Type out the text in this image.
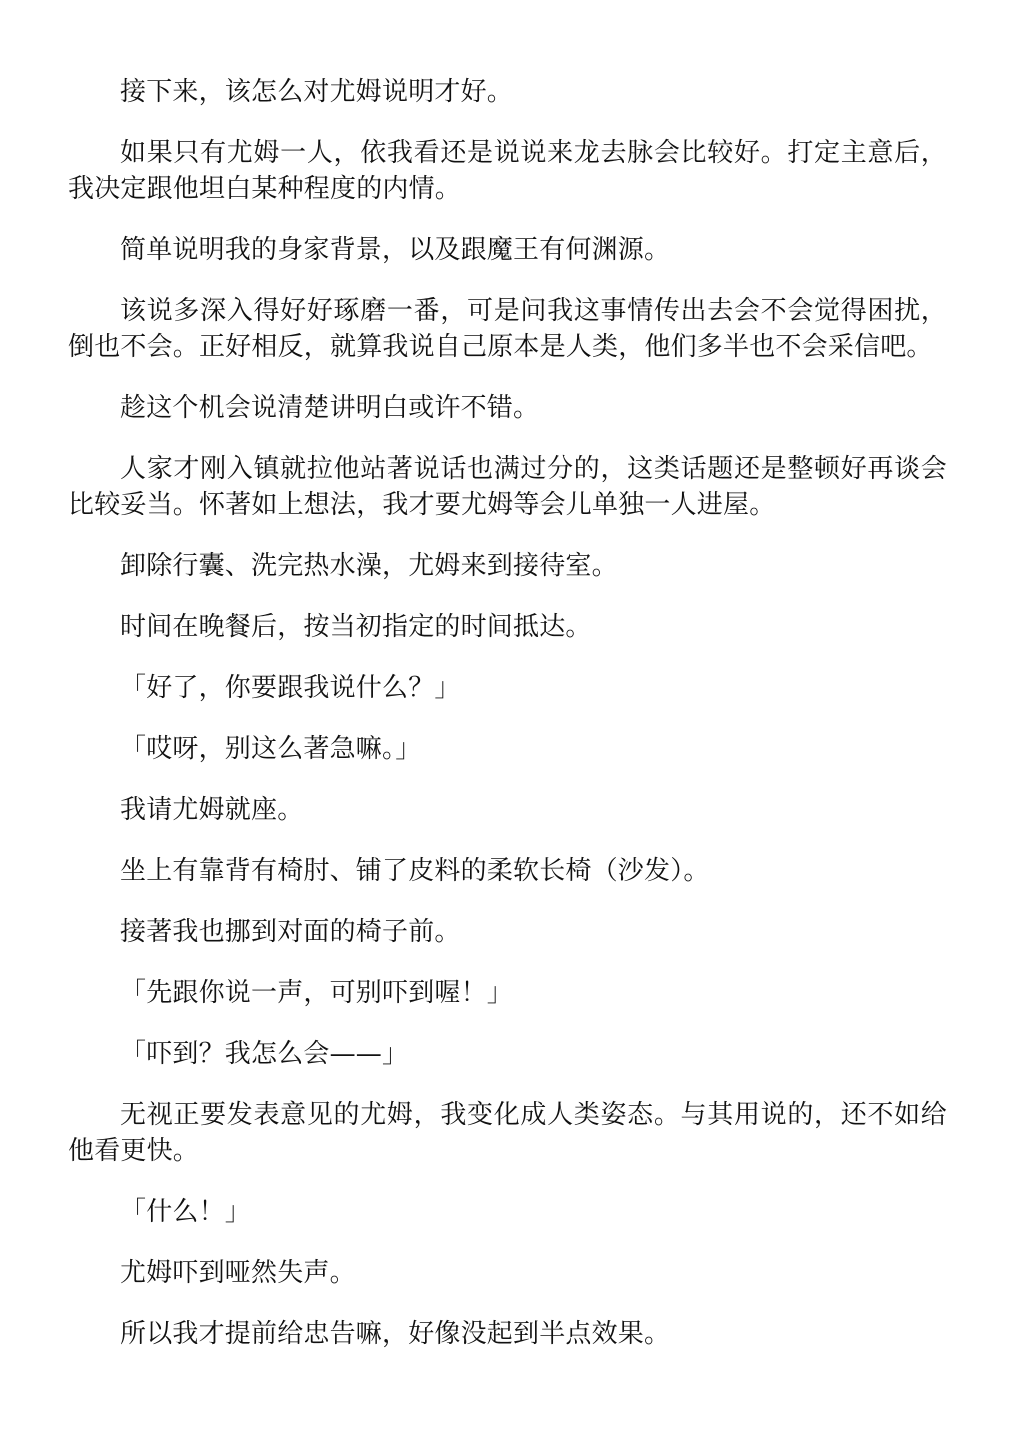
接下来，该怎么对尤姆说明才好。

如果只有尤姆一人，依我看还是说说来龙去脉会比较好。打定主意后，我决定跟他坦白某种程度的内情。

简单说明我的身家背景，以及跟魔王有何渊源。

该说多深入得好好琢磨一番，可是问我这事情传出去会不会觉得困扰，倒也不会。正好相反，就算我说自己原本是人类，他们多半也不会采信吧。

趁这个机会说清楚讲明白或许不错。

人家才刚入镇就拉他站著说话也满过分的，这类话题还是整顿好再谈会比较妥当。怀著如上想法，我才要尤姆等会儿单独一人进屋。

卸除行囊、洗完热水澡，尤姆来到接待室。

时间在晚餐后，按当初指定的时间抵达。

「好了，你要跟我说什么？」

「哎呀，别这么著急嘛。」

我请尤姆就座。

坐上有靠背有椅肘、铺了皮料的柔软长椅（沙发）。

接著我也挪到对面的椅子前。

「先跟你说一声，可别吓到喔！」

「吓到？我怎么会——」

无视正要发表意见的尤姆，我变化成人类姿态。与其用说的，还不如给他看更快。

「什么！」

尤姆吓到哑然失声。

所以我才提前给忠告嘛，好像没起到半点效果。
